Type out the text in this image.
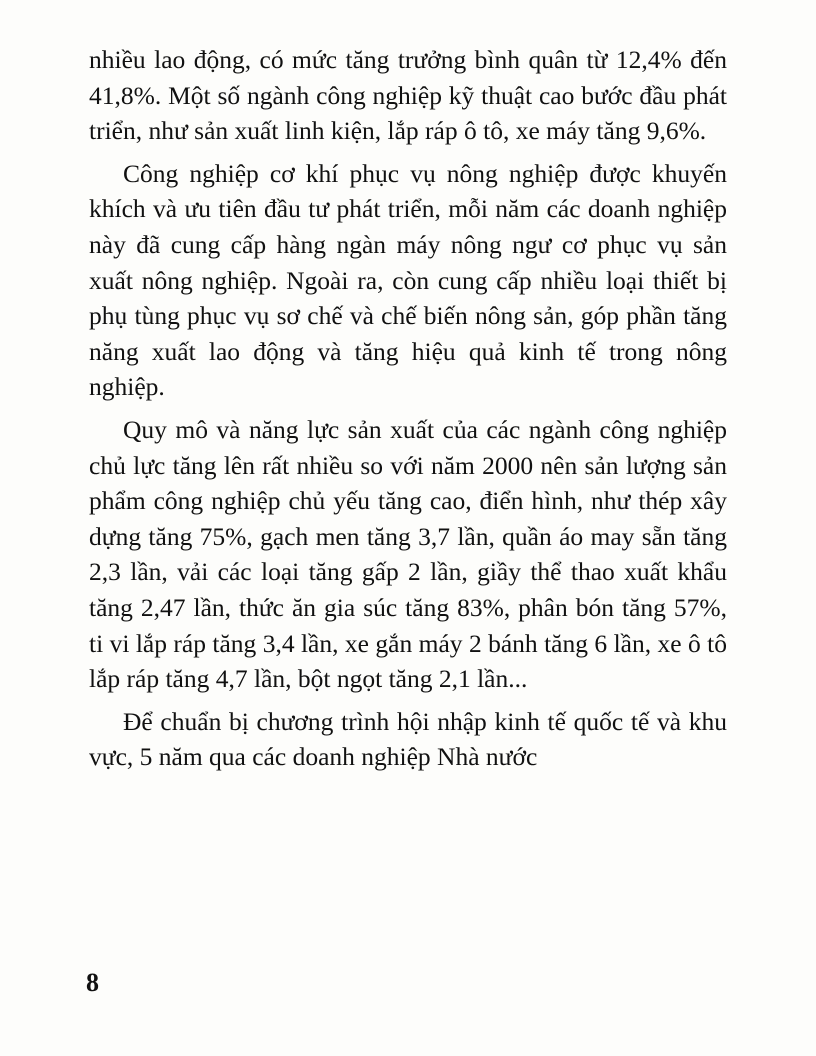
nhiều lao động, có mức tăng trưởng bình quân từ 12,4% đến 41,8%. Một số ngành công nghiệp kỹ thuật cao bước đầu phát triển, như sản xuất linh kiện, lắp ráp ô tô, xe máy tăng 9,6%.

Công nghiệp cơ khí phục vụ nông nghiệp được khuyến khích và ưu tiên đầu tư phát triển, mỗi năm các doanh nghiệp này đã cung cấp hàng ngàn máy nông ngư cơ phục vụ sản xuất nông nghiệp. Ngoài ra, còn cung cấp nhiều loại thiết bị phụ tùng phục vụ sơ chế và chế biến nông sản, góp phần tăng năng xuất lao động và tăng hiệu quả kinh tế trong nông nghiệp.

Quy mô và năng lực sản xuất của các ngành công nghiệp chủ lực tăng lên rất nhiều so với năm 2000 nên sản lượng sản phẩm công nghiệp chủ yếu tăng cao, điển hình, như thép xây dựng tăng 75%, gạch men tăng 3,7 lần, quần áo may sẵn tăng 2,3 lần, vải các loại tăng gấp 2 lần, giầy thể thao xuất khẩu tăng 2,47 lần, thức ăn gia súc tăng 83%, phân bón tăng 57%, ti vi lắp ráp tăng 3,4 lần, xe gắn máy 2 bánh tăng 6 lần, xe ô tô lắp ráp tăng 4,7 lần, bột ngọt tăng 2,1 lần...

Để chuẩn bị chương trình hội nhập kinh tế quốc tế và khu vực, 5 năm qua các doanh nghiệp Nhà nước

8
